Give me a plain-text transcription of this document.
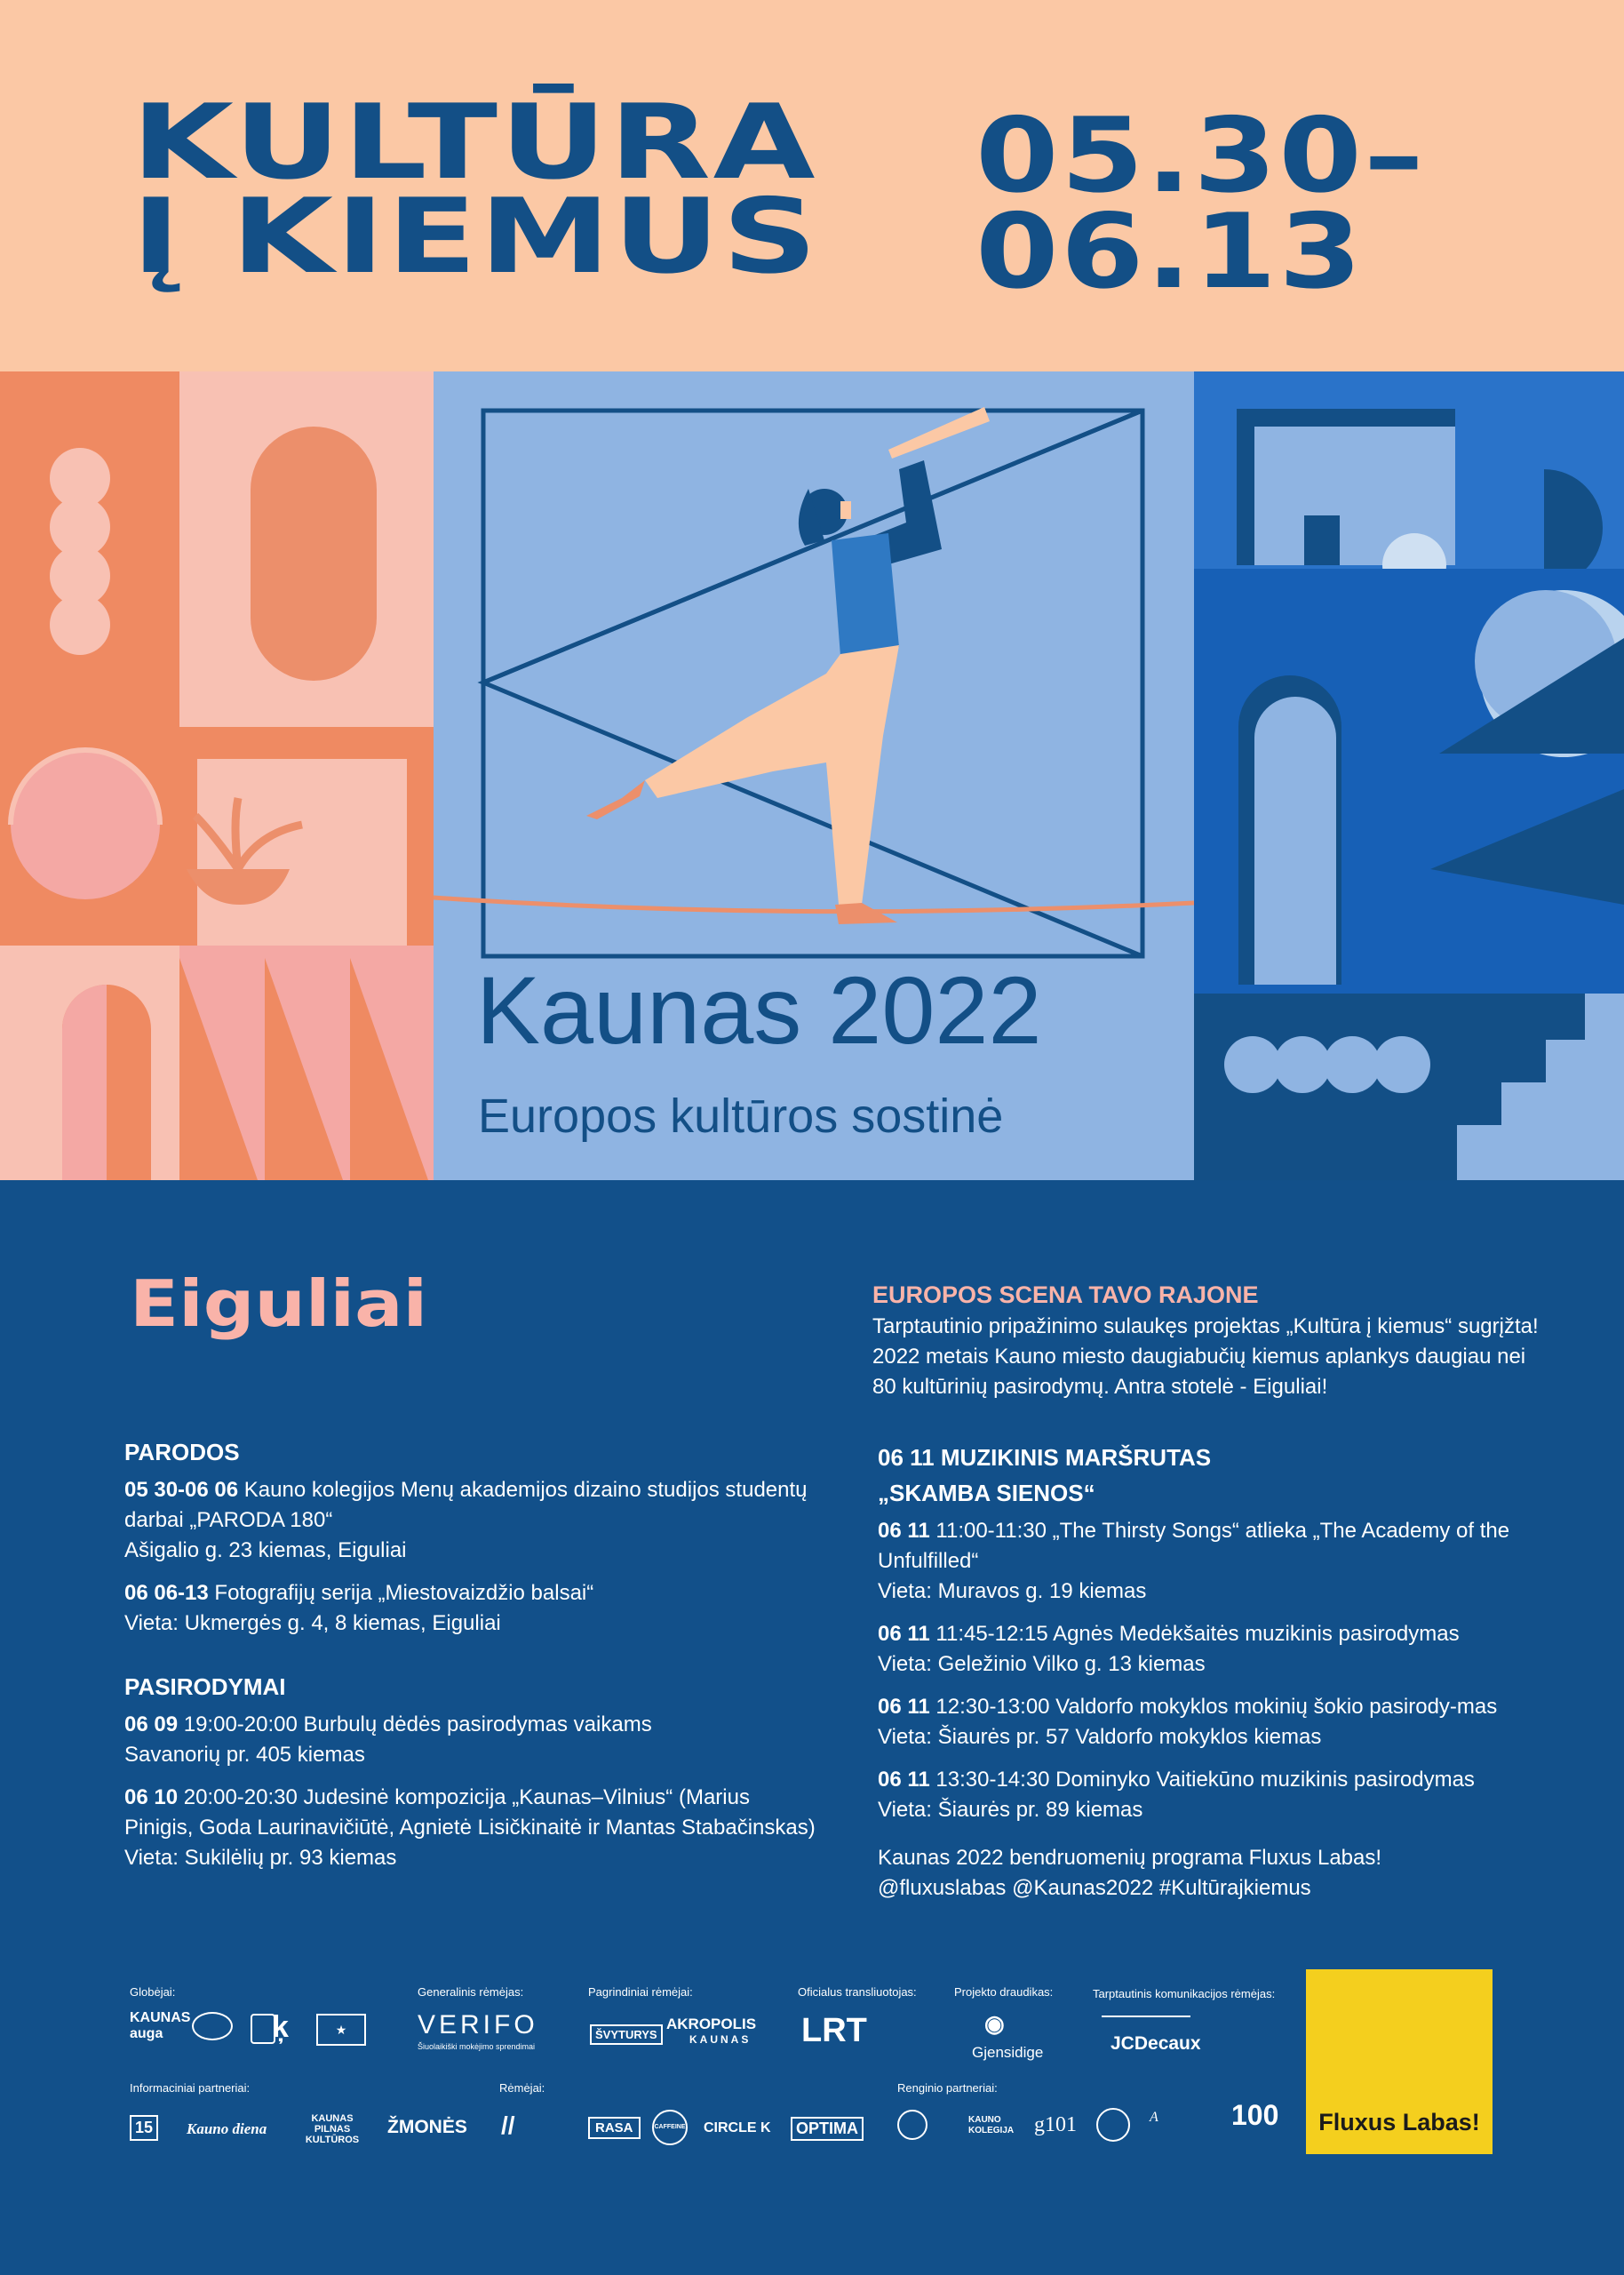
KULTŪRA
Į KIEMUS
05.30–
06.13
Kaunas 2022
Europos kultūros sostinė
Eiguliai	EUROPOS SCENA TAVO RAJONE
Tarptautinio pripažinimo sulaukęs projektas „Kultūra į kiemus“ sugrįžta! 2022 metais Kauno miesto daugiabučių kiemus aplankys daugiau nei 80 kultūrinių pasirodymų. Antra stotelė - Eiguliai!
PARODOS
05 30-06 06 Kauno kolegijos Menų akademijos dizaino studijos studentų darbai „PARODA 180“
Ašigalio g. 23 kiemas, Eiguliai
06 06-13 Fotografijų serija „Miestovaizdžio balsai“
Vieta: Ukmergės g. 4, 8 kiemas, Eiguliai
PASIRODYMAI
06 09 19:00-20:00 Burbulų dėdės pasirodymas vaikams
Savanorių pr. 405 kiemas
06 10 20:00-20:30 Judesinė kompozicija „Kaunas–Vilnius“ (Marius Pinigis, Goda Laurinavičiūtė, Agnietė Lisičkinaitė ir Mantas Stabačinskas)
Vieta: Sukilėlių pr. 93 kiemas
06 11 MUZIKINIS MARŠRUTAS
„SKAMBA SIENOS“
06 11 11:00-11:30 „The Thirsty Songs“ atlieka „The Academy of the Unfulfilled“
Vieta: Muravos g. 19 kiemas
06 11 11:45-12:15 Agnės Medėkšaitės muzikinis pasirodymas
Vieta: Geležinio Vilko g. 13 kiemas
06 11 12:30-13:00 Valdorfo mokyklos mokinių šokio pasirody-mas
Vieta: Šiaurės pr. 57 Valdorfo mokyklos kiemas
06 11 13:30-14:30 Dominyko Vaitiekūno muzikinis pasirodymas
Vieta: Šiaurės pr. 89 kiemas
Kaunas 2022 bendruomenių programa Fluxus Labas!
@fluxuslabas @Kaunas2022 #Kultūrajkiemus
Globėjai:	Generalinis rėmėjas:	Pagrindiniai rėmėjai:	Oficialus transliuotojas:	Projekto draudikas:	Tarptautinis komunikacijos rėmėjas:
KAUNAS auga	ķ	★	VERIFO
Šiuolaikiški mokėjimo sprendimai
ŠVYTURYS
AKROPOLIS
KAUNAS LRT	◉
Gjensidige	JCDecaux
Informaciniai partneriai:	Rėmėjai:	Renginio partneriai:
15	Kauno diena
KAUNAS PILNAS KULTŪROS
ŽMONĖS //	RASA	CAFFEINE CIRCLE K	OPTIMA	KAUNO KOLEGIJA g101	A	100 Fluxus Labas!
